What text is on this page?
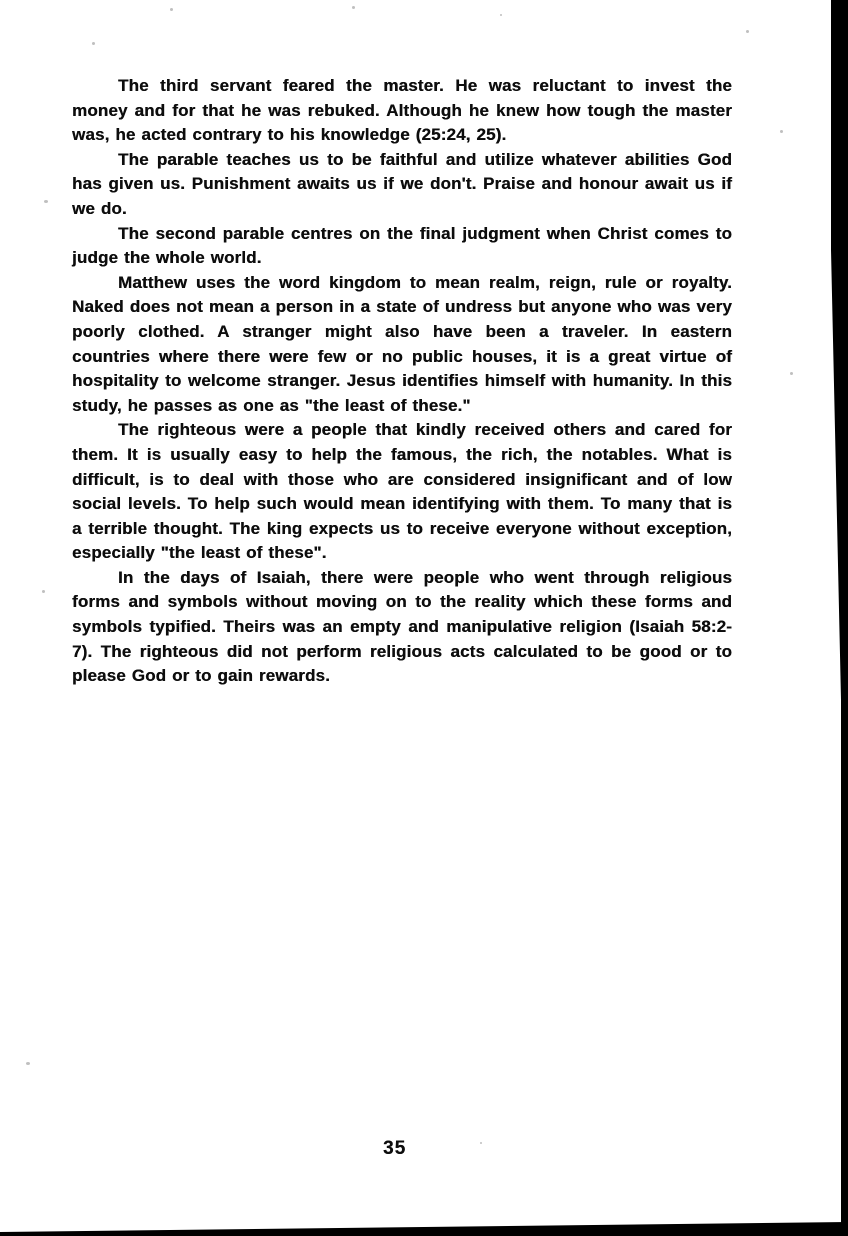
The third servant feared the master. He was reluctant to invest the money and for that he was rebuked. Although he knew how tough the master was, he acted contrary to his knowledge (25:24, 25).

The parable teaches us to be faithful and utilize whatever abilities God has given us. Punishment awaits us if we don't. Praise and honour await us if we do.

The second parable centres on the final judgment when Christ comes to judge the whole world.

Matthew uses the word kingdom to mean realm, reign, rule or royalty. Naked does not mean a person in a state of undress but anyone who was very poorly clothed. A stranger might also have been a traveler. In eastern countries where there were few or no public houses, it is a great virtue of hospitality to welcome stranger. Jesus identifies himself with humanity. In this study, he passes as one as "the least of these."

The righteous were a people that kindly received others and cared for them. It is usually easy to help the famous, the rich, the notables. What is difficult, is to deal with those who are considered insignificant and of low social levels. To help such would mean identifying with them. To many that is a terrible thought. The king expects us to receive everyone without exception, especially "the least of these".

In the days of Isaiah, there were people who went through religious forms and symbols without moving on to the reality which these forms and symbols typified. Theirs was an empty and manipulative religion (Isaiah 58:2-7). The righteous did not perform religious acts calculated to be good or to please God or to gain rewards.

35
